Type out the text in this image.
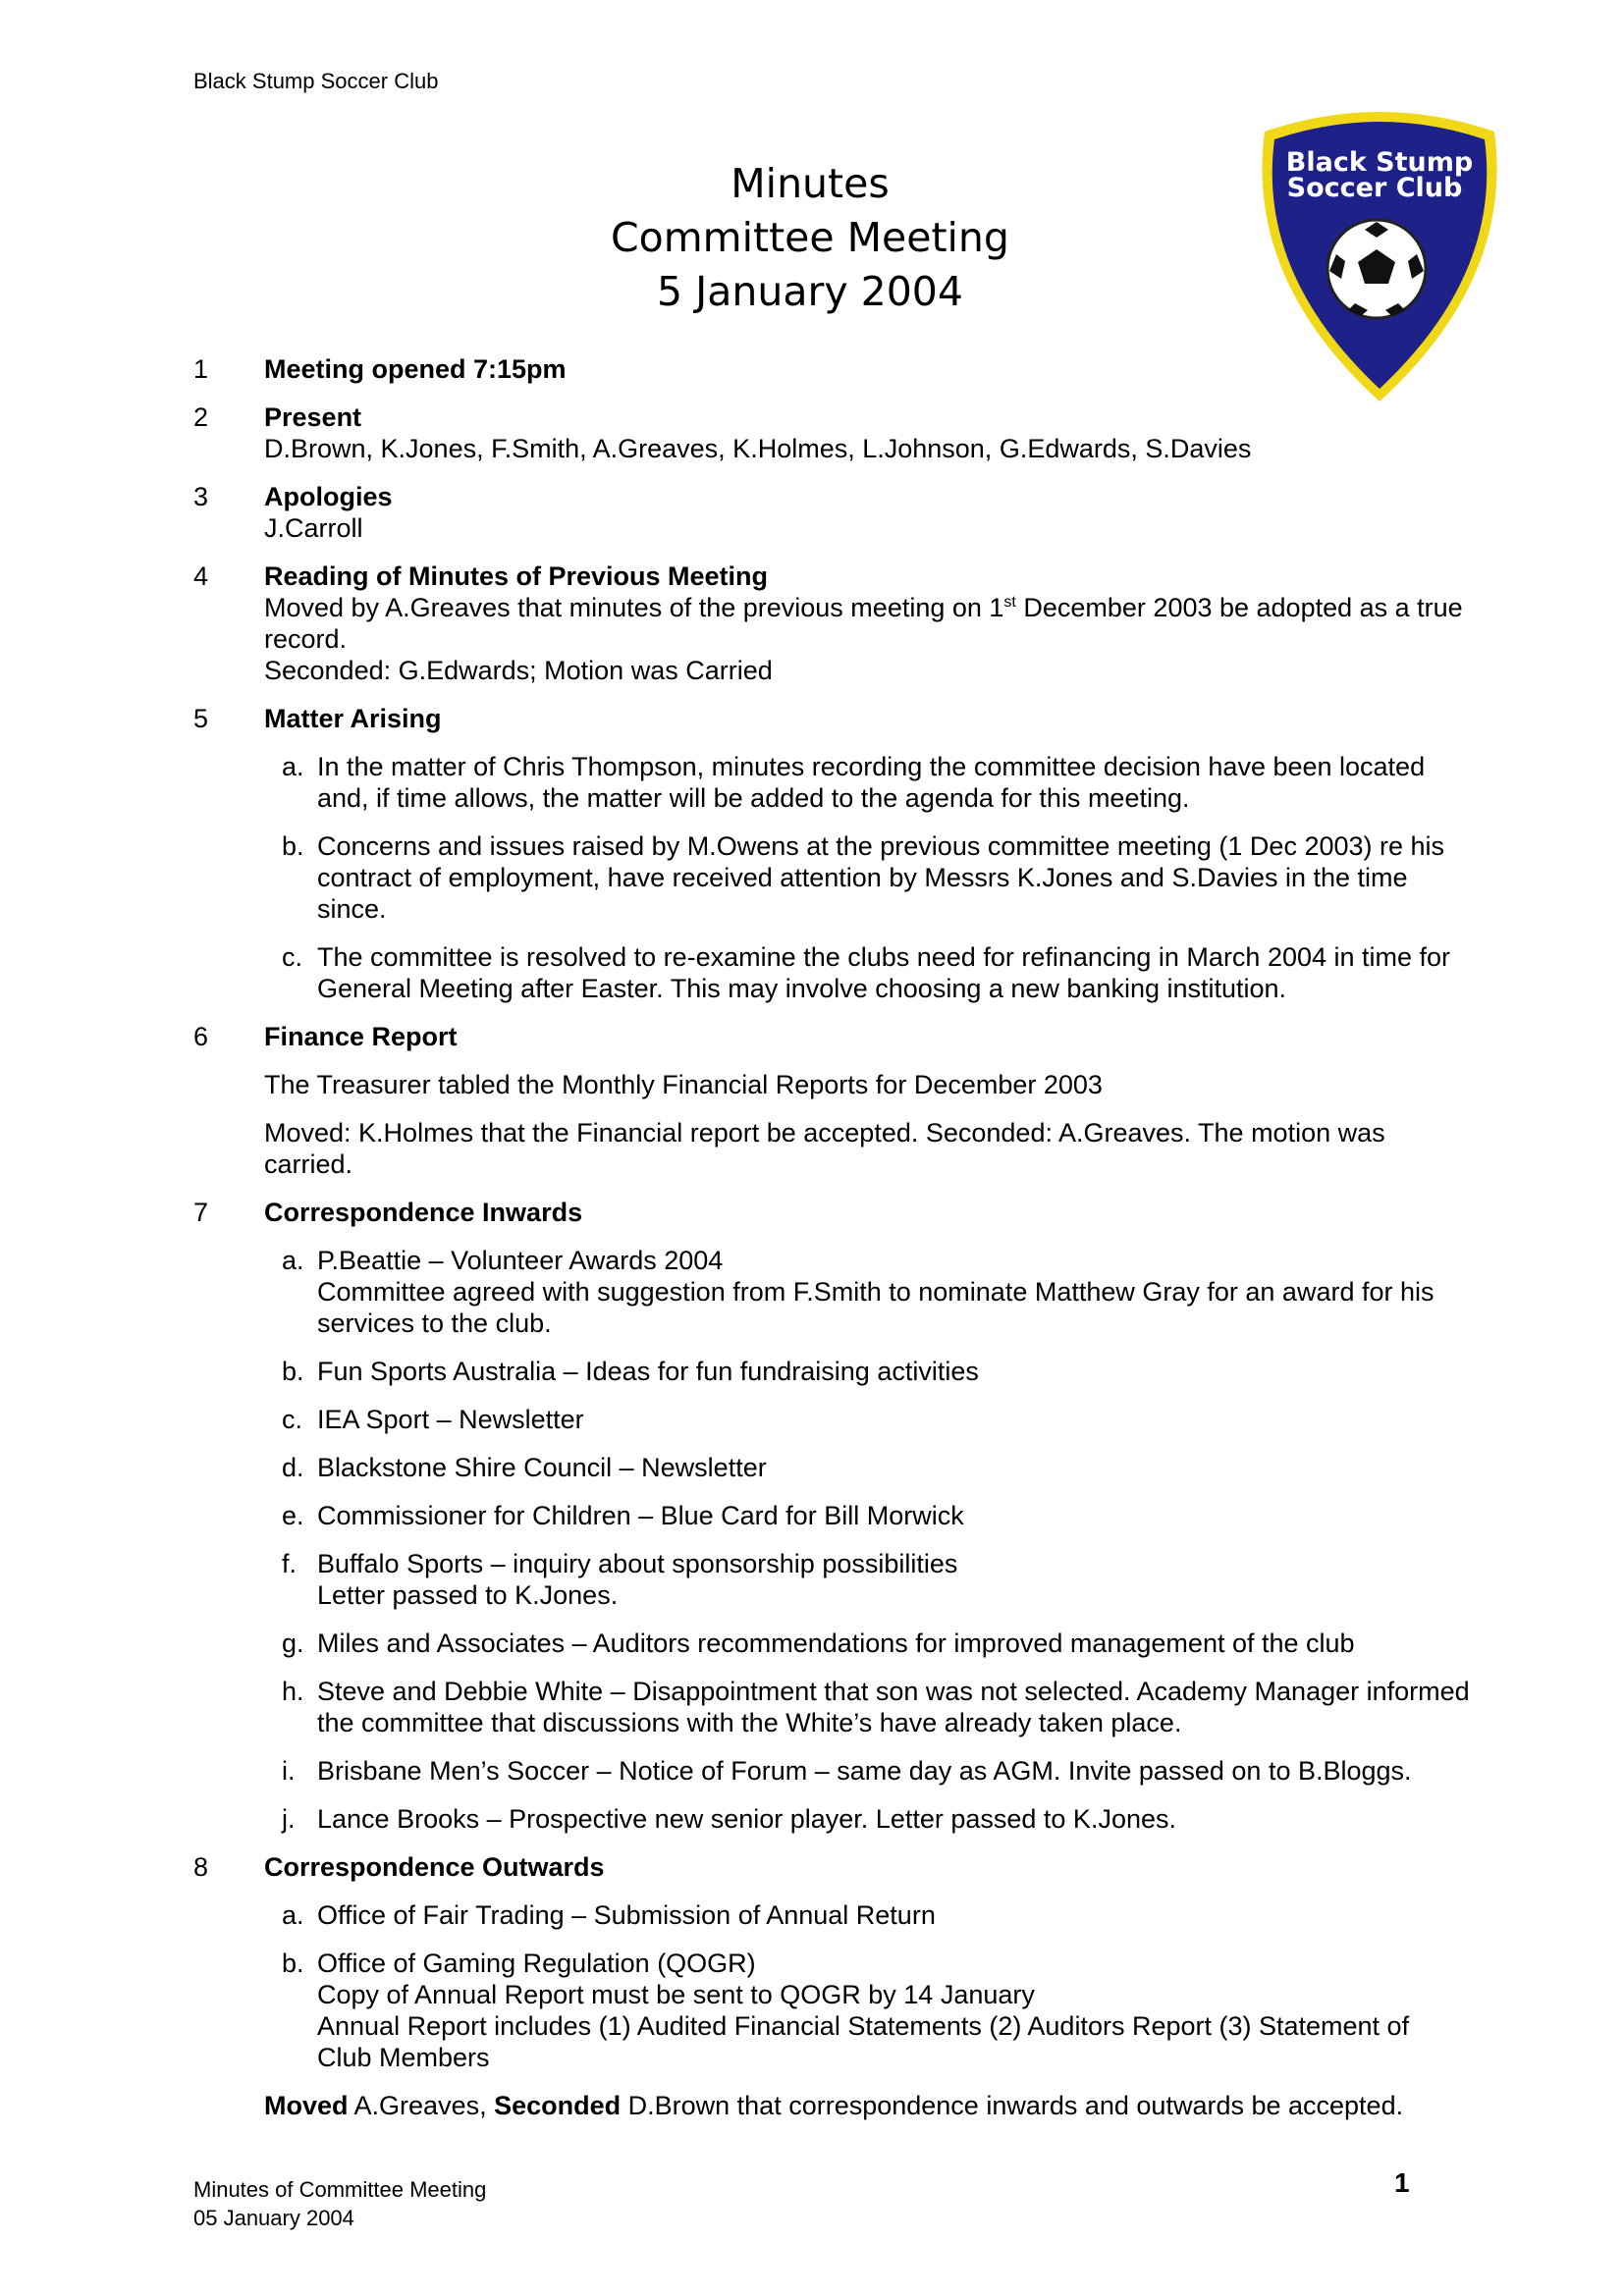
Black Stump Soccer Club
Minutes
Committee Meeting
5 January 2004
Black Stump
Soccer Club
1 Meeting opened 7:15pm
2 Present
D.Brown, K.Jones, F.Smith, A.Greaves, K.Holmes, L.Johnson, G.Edwards, S.Davies
3 Apologies
J.Carroll
4 Reading of Minutes of Previous Meeting
Moved by A.Greaves that minutes of the previous meeting on 1st December 2003 be adopted as a true record.
Seconded: G.Edwards; Motion was Carried
5 Matter Arising
a. In the matter of Chris Thompson, minutes recording the committee decision have been located and, if time allows, the matter will be added to the agenda for this meeting.
b. Concerns and issues raised by M.Owens at the previous committee meeting (1 Dec 2003) re his contract of employment, have received attention by Messrs K.Jones and S.Davies in the time since.
c. The committee is resolved to re-examine the clubs need for refinancing in March 2004 in time for General Meeting after Easter. This may involve choosing a new banking institution.
6 Finance Report
The Treasurer tabled the Monthly Financial Reports for December 2003
Moved: K.Holmes that the Financial report be accepted. Seconded: A.Greaves. The motion was carried.
7 Correspondence Inwards
a. P.Beattie – Volunteer Awards 2004
Committee agreed with suggestion from F.Smith to nominate Matthew Gray for an award for his services to the club.
b. Fun Sports Australia – Ideas for fun fundraising activities
c. IEA Sport – Newsletter
d. Blackstone Shire Council – Newsletter
e. Commissioner for Children – Blue Card for Bill Morwick
f. Buffalo Sports – inquiry about sponsorship possibilities
Letter passed to K.Jones.
g. Miles and Associates – Auditors recommendations for improved management of the club
h. Steve and Debbie White – Disappointment that son was not selected. Academy Manager informed the committee that discussions with the White’s have already taken place.
i. Brisbane Men’s Soccer – Notice of Forum – same day as AGM. Invite passed on to B.Bloggs.
j. Lance Brooks – Prospective new senior player. Letter passed to K.Jones.
8 Correspondence Outwards
a. Office of Fair Trading – Submission of Annual Return
b. Office of Gaming Regulation (QOGR)
Copy of Annual Report must be sent to QOGR by 14 January
Annual Report includes (1) Audited Financial Statements (2) Auditors Report (3) Statement of Club Members
Moved A.Greaves, Seconded D.Brown that correspondence inwards and outwards be accepted.
Minutes of Committee Meeting
05 January 2004
1
